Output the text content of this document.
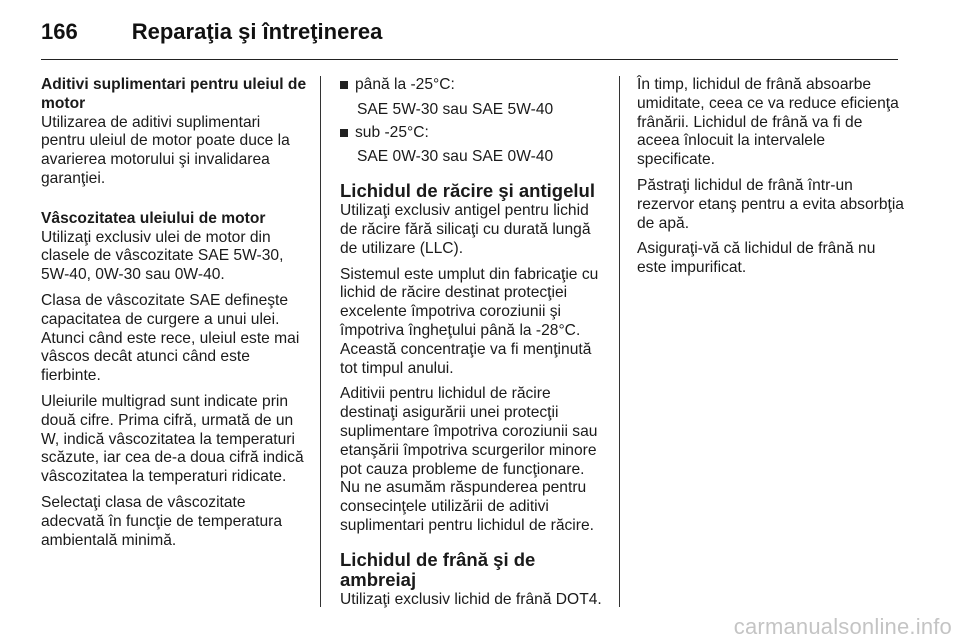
166 Reparaţia şi întreţinerea

Aditivi suplimentari pentru uleiul de motor

Utilizarea de aditivi suplimentari pentru uleiul de motor poate duce la avarierea motorului şi invalidarea garanţiei.

Vâscozitatea uleiului de motor

Utilizaţi exclusiv ulei de motor din clasele de vâscozitate SAE 5W-30, 5W-40, 0W-30 sau 0W-40.

Clasa de vâscozitate SAE defineşte capacitatea de curgere a unui ulei. Atunci când este rece, uleiul este mai vâscos decât atunci când este fierbinte.

Uleiurile multigrad sunt indicate prin două cifre. Prima cifră, urmată de un W, indică vâscozitatea la temperaturi scăzute, iar cea de-a doua cifră indică vâscozitatea la temperaturi ridicate.

Selectaţi clasa de vâscozitate adecvată în funcţie de temperatura ambientală minimă.

până la -25°C:
SAE 5W-30 sau SAE 5W-40
sub -25°C:
SAE 0W-30 sau SAE 0W-40
Lichidul de răcire şi antigelul

Utilizaţi exclusiv antigel pentru lichid de răcire fără silicaţi cu durată lungă de utilizare (LLC).

Sistemul este umplut din fabricaţie cu lichid de răcire destinat protecţiei excelente împotriva coroziunii şi împotriva îngheţului până la -28°C. Această concentraţie va fi menţinută tot timpul anului.

Aditivii pentru lichidul de răcire destinaţi asigurării unei protecţii suplimentare împotriva coroziunii sau etanşării împotriva scurgerilor minore pot cauza probleme de funcţionare. Nu ne asumăm răspunderea pentru consecinţele utilizării de aditivi suplimentari pentru lichidul de răcire.

Lichidul de frână şi de ambreiaj

Utilizaţi exclusiv lichid de frână DOT4.

În timp, lichidul de frână absoarbe umiditate, ceea ce va reduce eficienţa frânării. Lichidul de frână va fi de aceea înlocuit la intervalele specificate.

Păstraţi lichidul de frână într-un rezervor etanş pentru a evita absorbţia de apă.

Asiguraţi-vă că lichidul de frână nu este impurificat.

carmanualsonline.info
